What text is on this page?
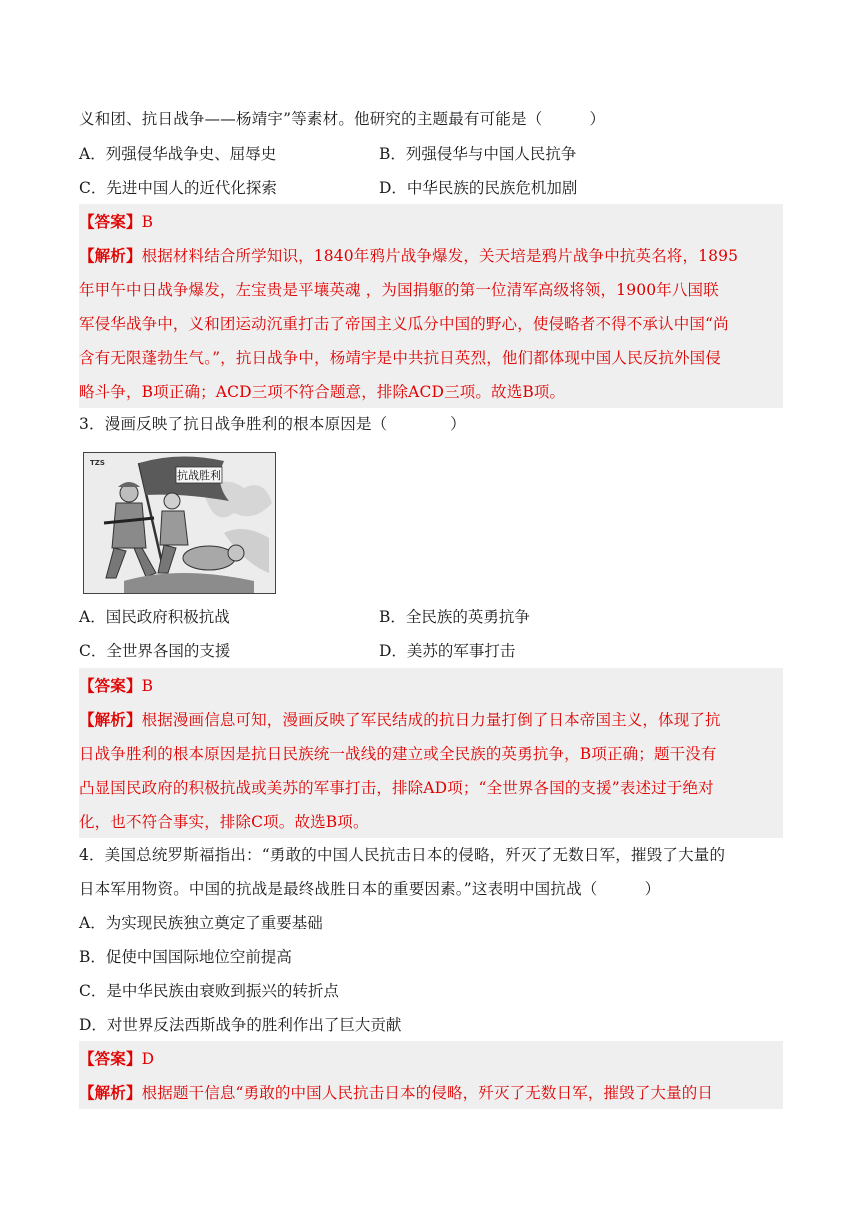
义和团、抗日战争——杨靖宇”等素材。他研究的主题最有可能是（　　　）
A．列强侵华战争史、屈辱史	B．列强侵华与中国人民抗争
C．先进中国人的近代化探索	D．中华民族的民族危机加剧
【答案】B
【解析】根据材料结合所学知识，1840年鸦片战争爆发，关天培是鸦片战争中抗英名将，1895
年甲午中日战争爆发，左宝贵是平壤英魂 ，为国捐躯的第一位清军高级将领，1900年八国联
军侵华战争中，义和团运动沉重打击了帝国主义瓜分中国的野心，使侵略者不得不承认中国“尚
含有无限蓬勃生气。”，抗日战争中，杨靖宇是中共抗日英烈，他们都体现中国人民反抗外国侵
略斗争，B项正确；ACD三项不符合题意，排除ACD三项。故选B项。
3．漫画反映了抗日战争胜利的根本原因是（　　　　）
抗战胜利
TZS
A．国民政府积极抗战	B．全民族的英勇抗争
C．全世界各国的支援	D．美苏的军事打击
【答案】B
【解析】根据漫画信息可知，漫画反映了军民结成的抗日力量打倒了日本帝国主义，体现了抗
日战争胜利的根本原因是抗日民族统一战线的建立或全民族的英勇抗争，B项正确；题干没有
凸显国民政府的积极抗战或美苏的军事打击，排除AD项；“全世界各国的支援”表述过于绝对
化，也不符合事实，排除C项。故选B项。
4．美国总统罗斯福指出：“勇敢的中国人民抗击日本的侵略，歼灭了无数日军，摧毁了大量的
日本军用物资。中国的抗战是最终战胜日本的重要因素。”这表明中国抗战（　　　）
A．为实现民族独立奠定了重要基础
B．促使中国国际地位空前提高
C．是中华民族由衰败到振兴的转折点
D．对世界反法西斯战争的胜利作出了巨大贡献
【答案】D
【解析】根据题干信息“勇敢的中国人民抗击日本的侵略，歼灭了无数日军，摧毁了大量的日
